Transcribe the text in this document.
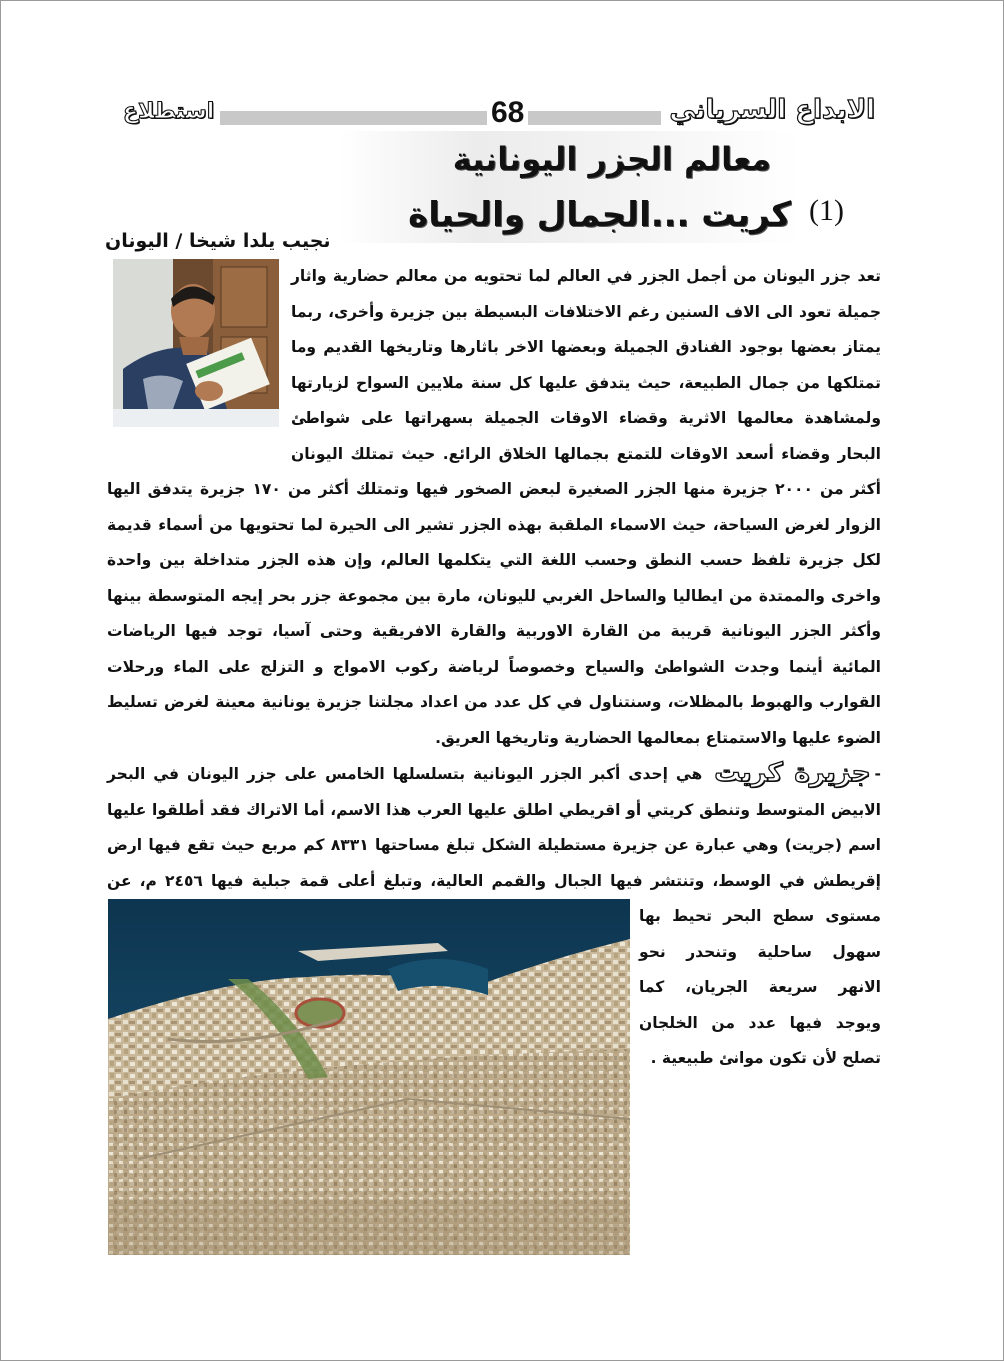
الابداع السرياني
68
استطلاع
معالم الجزر اليونانية
كريت ...الجمال والحياة (1)
نجيب يلدا شيخا / اليونان

تعد جزر اليونان من أجمل الجزر في العالم لما تحتويه من معالم حضارية واثار جميلة تعود الى الاف السنين رغم الاختلافات البسيطة بين جزيرة وأخرى، ربما يمتاز بعضها بوجود الفنادق الجميلة وبعضها الاخر باثارها وتاريخها القديم وما تمتلكها من جمال الطبيعة، حيث يتدفق عليها كل سنة ملايين السواح لزيارتها ولمشاهدة معالمها الاثرية وقضاء الاوقات الجميلة بسهراتها على شواطئ البحار وقضاء أسعد الاوقات للتمتع بجمالها الخلاق الرائع. حيث تمتلك اليونان أكثر من ٢٠٠٠ جزيرة منها الجزر الصغيرة لبعض الصخور فيها وتمتلك أكثر من ١٧٠ جزيرة يتدفق اليها الزوار لغرض السياحة، حيث الاسماء الملقبة بهذه الجزر تشير الى الحيرة لما تحتويها من أسماء قديمة لكل جزيرة تلفظ حسب النطق وحسب اللغة التي يتكلمها العالم، وإن هذه الجزر متداخلة بين واحدة واخرى والممتدة من ايطاليا والساحل الغربي لليونان، مارة بين مجموعة جزر بحر إيجه المتوسطة بينها وأكثر الجزر اليونانية قريبة من القارة الاوربية والقارة الافريقية وحتى آسيا، توجد فيها الرياضات المائية أينما وجدت الشواطئ والسياح وخصوصاً لرياضة ركوب الامواج و التزلج على الماء ورحلات القوارب والهبوط بالمظلات، وسنتناول في كل عدد من اعداد مجلتنا جزيرة يونانية معينة لغرض تسليط الضوء عليها والاستمتاع بمعالمها الحضارية وتاريخها العريق.

-جزيرة كريت هي إحدى أكبر الجزر اليونانية بتسلسلها الخامس على جزر اليونان في البحر الابيض المتوسط وتنطق كريتي أو اقريطي اطلق عليها العرب هذا الاسم، أما الاتراك فقد أطلقوا عليها اسم (جريت) وهي عبارة عن جزيرة مستطيلة الشكل تبلغ مساحتها ٨٣٣١ كم مربع حيث تقع فيها ارض إقريطش في الوسط، وتنتشر فيها الجبال والقمم العالية، وتبلغ أعلى قمة جبلية فيها ٢٤٥٦ م، عن مستوى سطح البحر تحيط بها سهول ساحلية وتنحدر نحو الانهر سريعة الجريان، كما ويوجد فيها عدد من الخلجان تصلح لأن تكون موانئ طبيعية .
